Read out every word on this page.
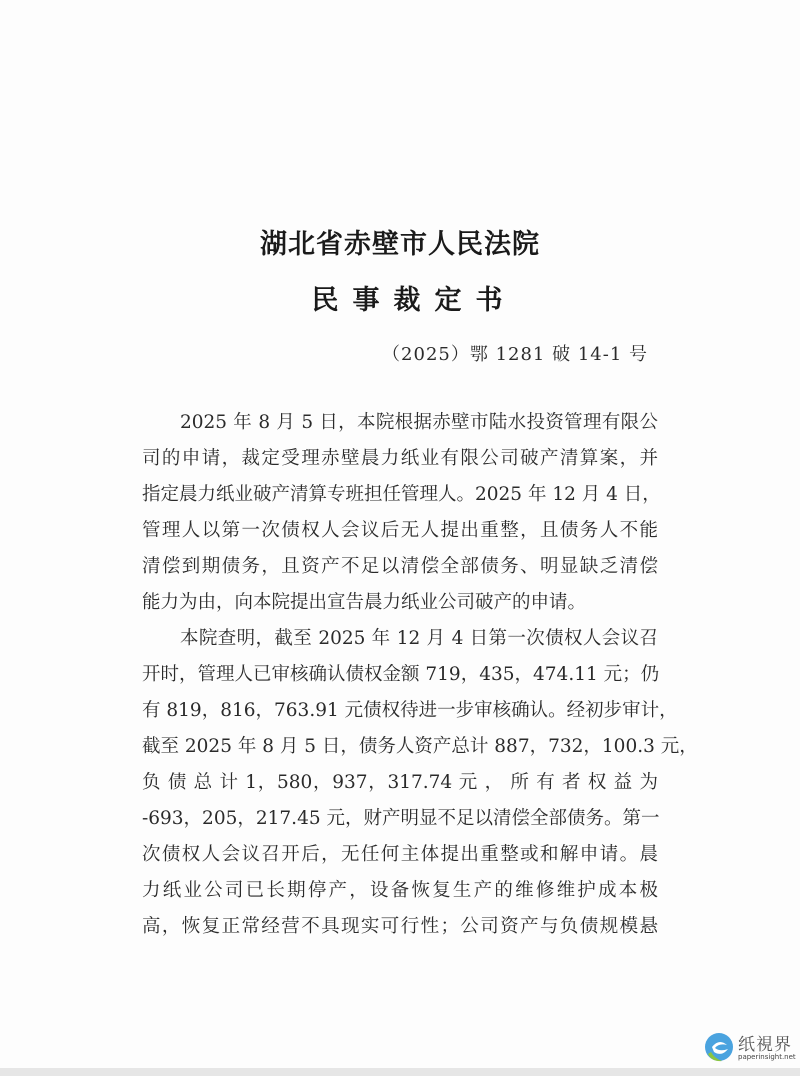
湖北省赤壁市人民法院
民事裁定书
（2025）鄂 1281 破 14-1 号
2025 年 8 月 5 日，本院根据赤壁市陆水投资管理有限公
司的申请，裁定受理赤壁晨力纸业有限公司破产清算案，并
指定晨力纸业破产清算专班担任管理人。2025 年 12 月 4 日，
管理人以第一次债权人会议后无人提出重整，且债务人不能
清偿到期债务，且资产不足以清偿全部债务、明显缺乏清偿
能力为由，向本院提出宣告晨力纸业公司破产的申请。
本院查明，截至 2025 年 12 月 4 日第一次债权人会议召
开时，管理人已审核确认债权金额 719，435，474.11 元；仍
有 819，816，763.91 元债权待进一步审核确认。经初步审计，
截至 2025 年 8 月 5 日，债务人资产总计 887，732，100.3 元，
负 债 总 计 1，580，937，317.74 元 ， 所 有 者 权 益 为
-693，205，217.45 元，财产明显不足以清偿全部债务。第一
次债权人会议召开后，无任何主体提出重整或和解申请。晨
力纸业公司已长期停产，设备恢复生产的维修维护成本极
高，恢复正常经营不具现实可行性；公司资产与负债规模悬
纸視界
paperinsight.net
